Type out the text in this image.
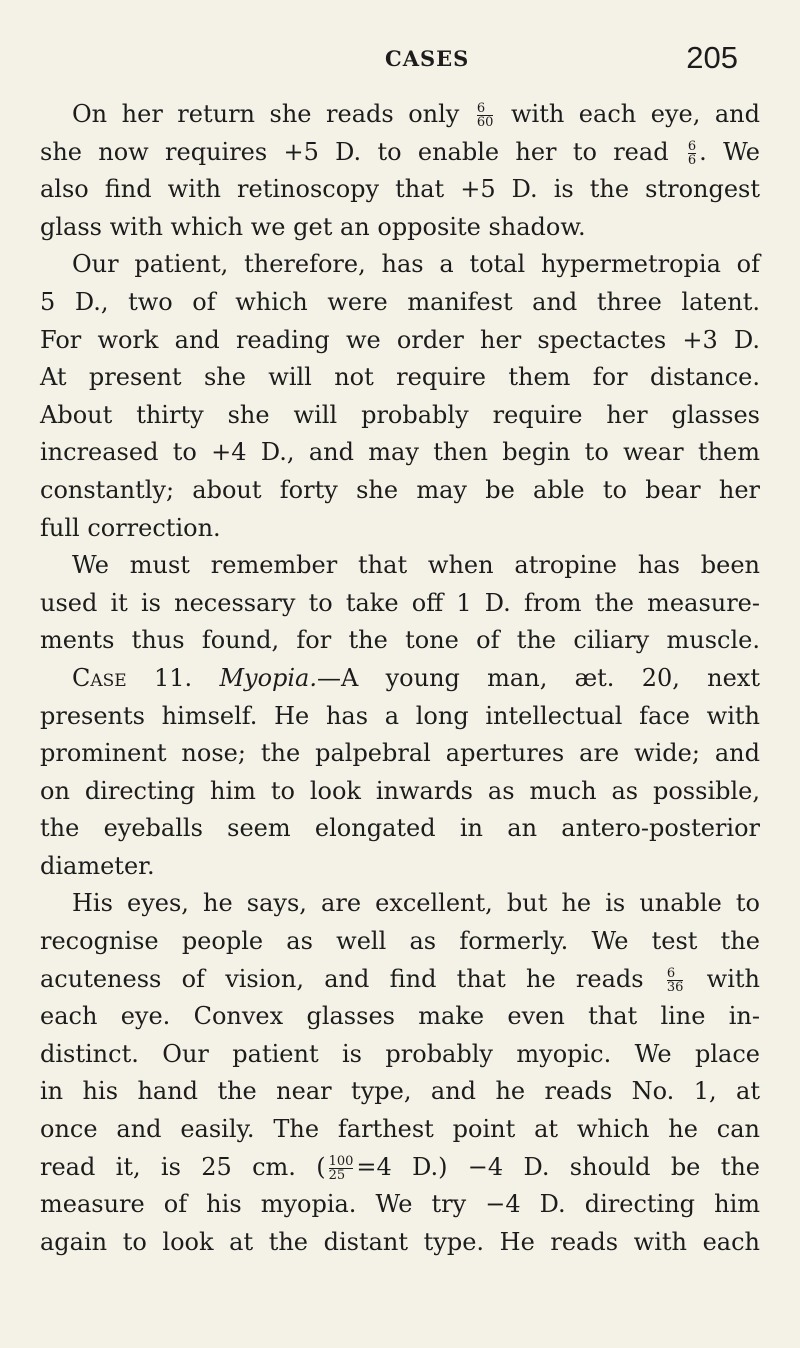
CASES	205
On her return she reads only $\frac{6}{60}$ with each eye, and
she now requires +5 D. to enable her to read $\frac{6}{6}$ . We
also find with retinoscopy that +5 D. is the strongest
glass with which we get an opposite shadow.
Our patient, therefore, has a total hypermetropia of
5 D., two of which were manifest and three latent.
For work and reading we order her spectactes +3 D.
At present she will not require them for distance.
About thirty she will probably require her glasses
increased to +4 D., and may then begin to wear them
constantly; about forty she may be able to bear her
full correction.
We must remember that when atropine has been
used it is necessary to take off 1 D. from the measure-
ments thus found, for the tone of the ciliary muscle.
Case 11. Myopia.—A young man, æt. 20, next
presents himself. He has a long intellectual face with
prominent nose; the palpebral apertures are wide; and
on directing him to look inwards as much as possible,
the eyeballs seem elongated in an antero-posterior
diameter.
His eyes, he says, are excellent, but he is unable to
recognise people as well as formerly. We test the
acuteness of vision, and find that he reads $\frac{6}{36}$ with
each eye. Convex glasses make even that line in-
distinct. Our patient is probably myopic. We place
in his hand the near type, and he reads No. 1, at
once and easily. The farthest point at which he can
read it, is 25 cm. ( $\frac{100}{25} =4$ D.) −4 D. should be the
measure of his myopia. We try −4 D. directing him
again to look at the distant type. He reads with each
